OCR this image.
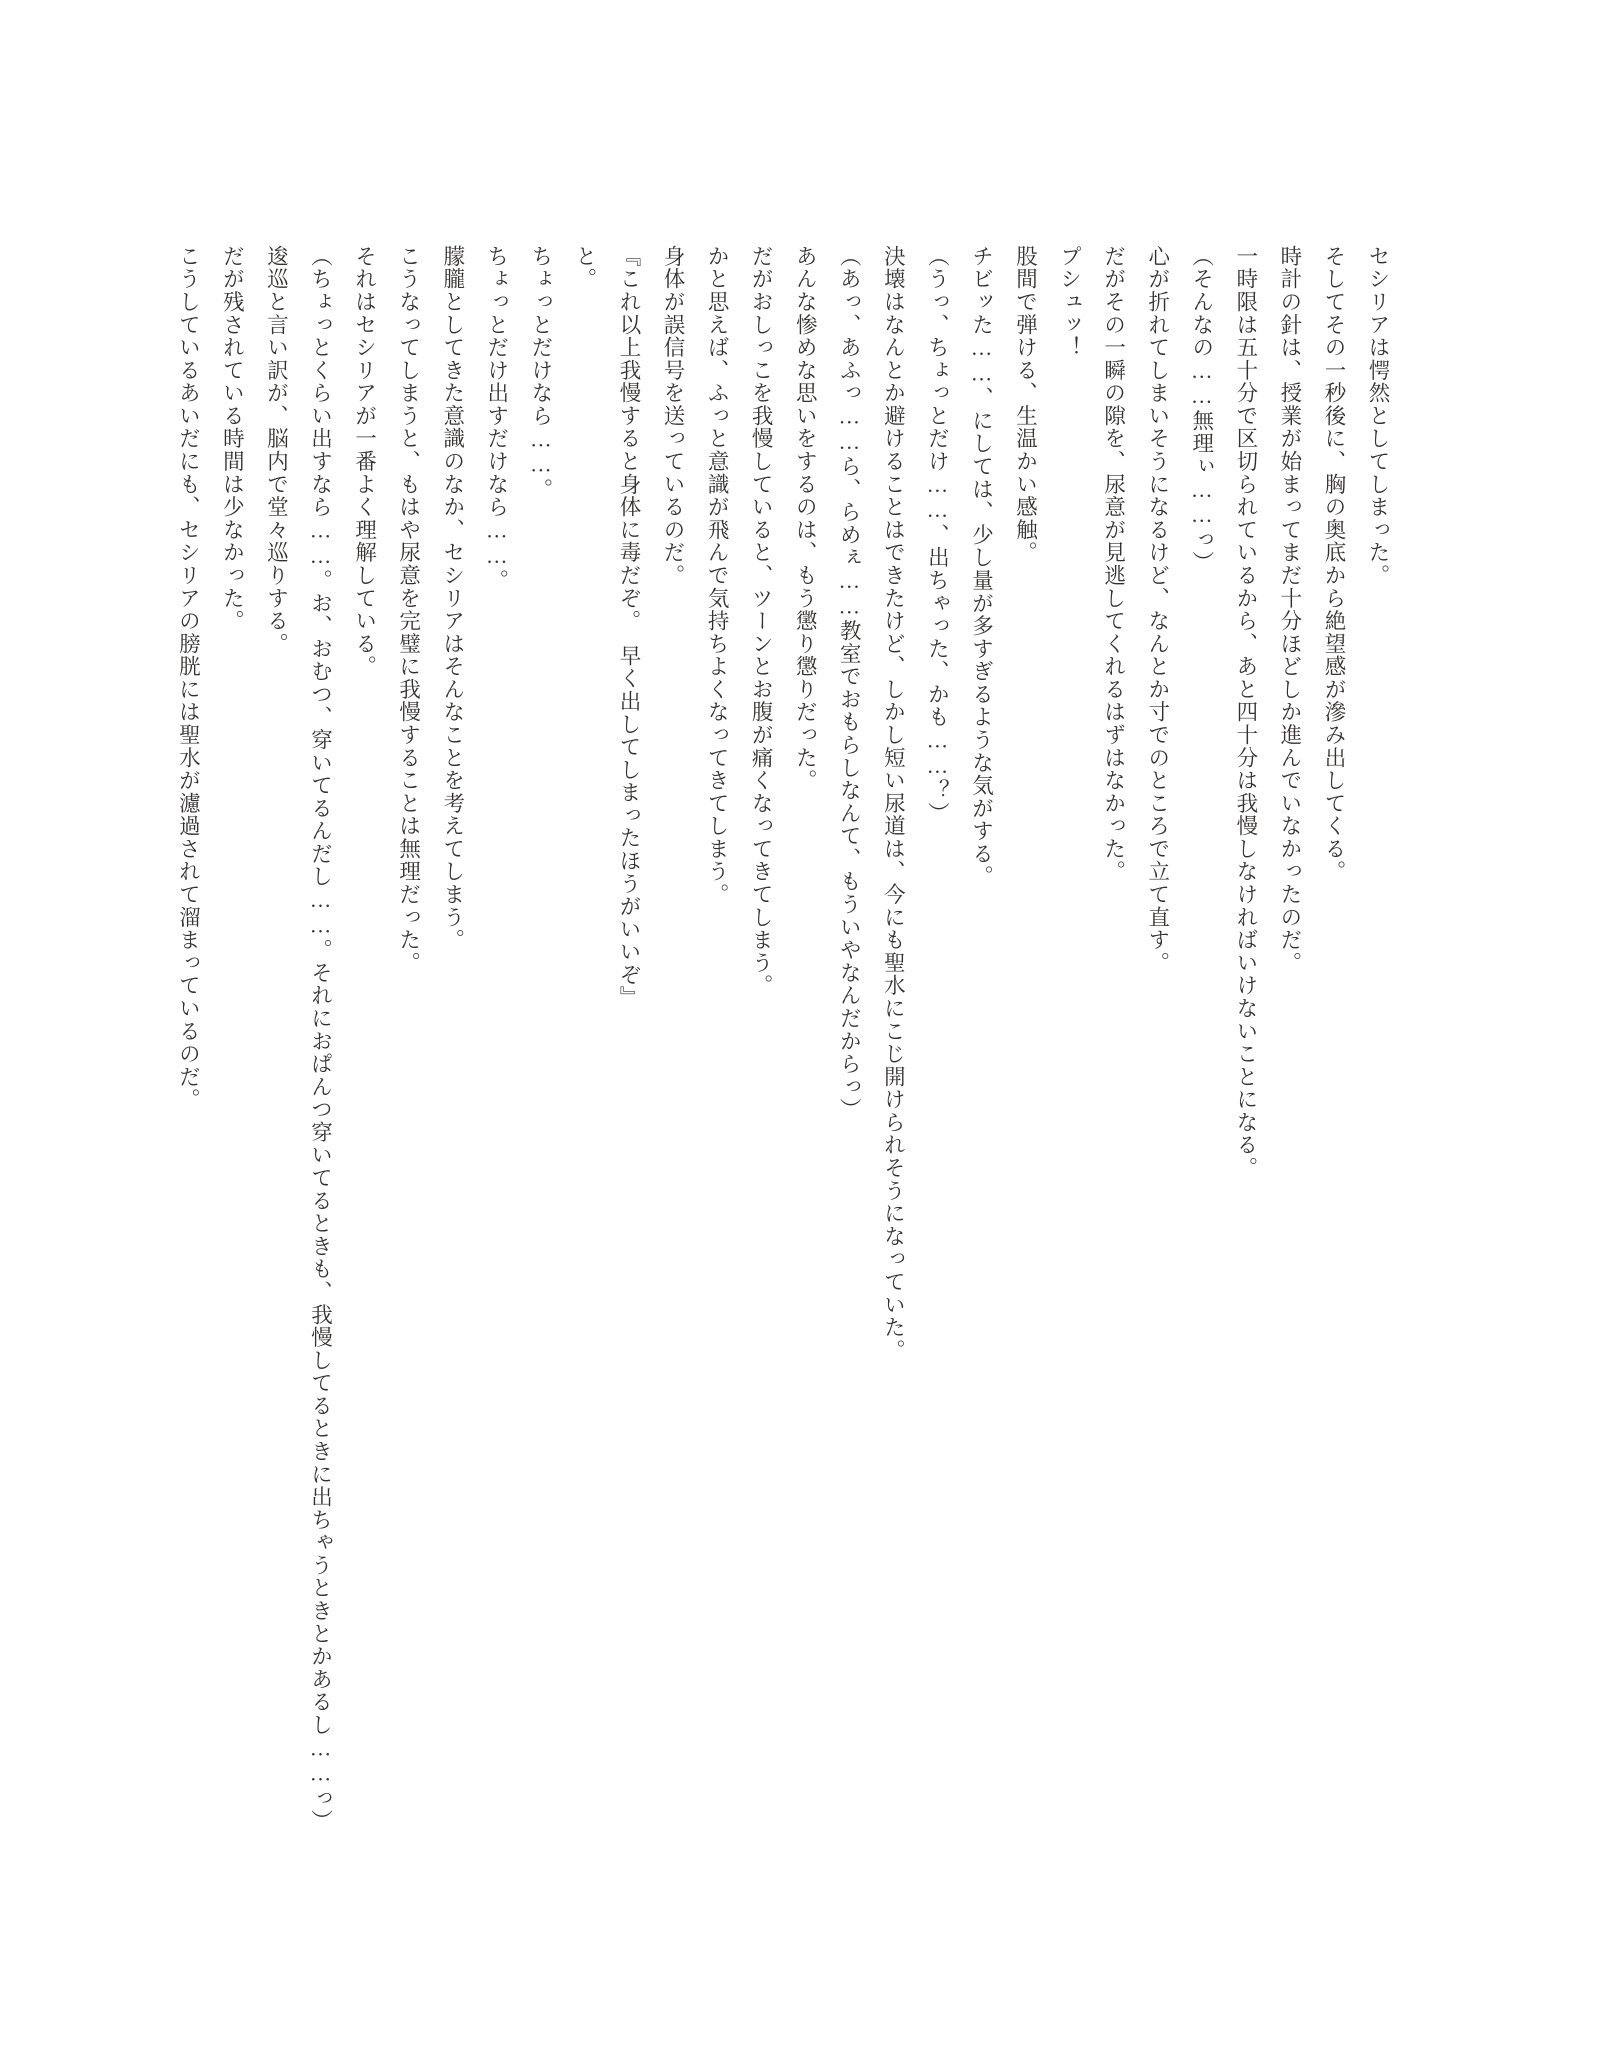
セシリアは愕然としてしまった。

そしてその一秒後に、胸の奥底から絶望感が滲み出してくる。

時計の針は、授業が始まってまだ十分ほどしか進んでいなかったのだ。

一時限は五十分で区切られているから、あと四十分は我慢しなければいけないことになる。

（そんなの……無理ぃ……っ）

心が折れてしまいそうになるけど、なんとか寸でのところで立て直す。

だがその一瞬の隙を、尿意が見逃してくれるはずはなかった。

プシュッ！

股間で弾ける、生温かい感触。

チビッた……、にしては、少し量が多すぎるような気がする。

（うっ、ちょっとだけ……、出ちゃった、かも……？）

決壊はなんとか避けることはできたけど、しかし短い尿道は、今にも聖水にこじ開けられそうになっていた。

（あっ、あふっ……ら、らめぇ……教室でおもらしなんて、もういやなんだからっ）

あんな惨めな思いをするのは、もう懲り懲りだった。

だがおしっこを我慢していると、ツーンとお腹が痛くなってきてしまう。

かと思えば、ふっと意識が飛んで気持ちよくなってきてしまう。

身体が誤信号を送っているのだ。

『これ以上我慢すると身体に毒だぞ。　早く出してしまったほうがいいぞ』

と。

ちょっとだけなら……。

ちょっとだけ出すだけなら……。

朦朧としてきた意識のなか、セシリアはそんなことを考えてしまう。

こうなってしまうと、もはや尿意を完璧に我慢することは無理だった。

それはセシリアが一番よく理解している。

（ちょっとくらい出すなら……。お、おむつ、穿いてるんだし……。それにおぱんつ穿いてるときも、我慢してるときに出ちゃうときとかあるし……っ）

逡巡と言い訳が、脳内で堂々巡りする。

だが残されている時間は少なかった。

こうしているあいだにも、セシリアの膀胱には聖水が濾過されて溜まっているのだ。
